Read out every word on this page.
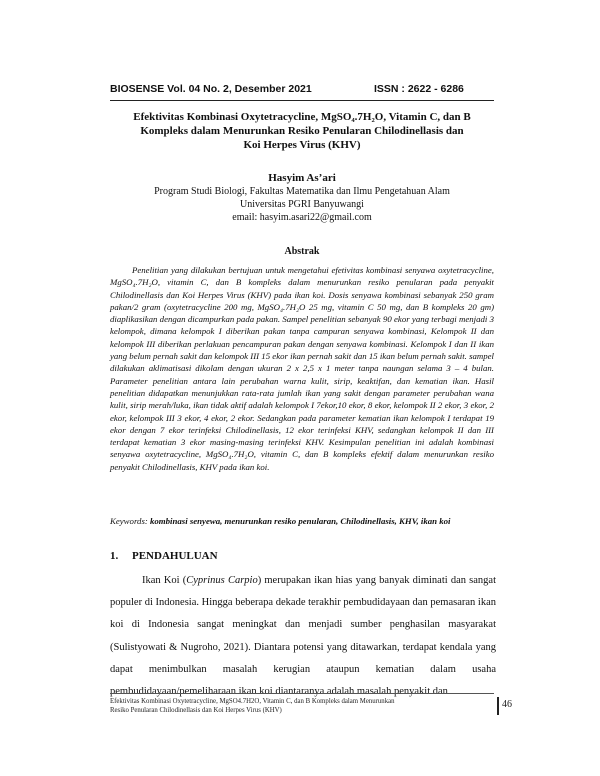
BIOSENSE Vol. 04 No. 2, Desember 2021	ISSN : 2622 - 6286
Efektivitas Kombinasi Oxytetracycline, MgSO₄.7H₂O, Vitamin C, dan B
Kompleks dalam Menurunkan Resiko Penularan Chilodinellasis dan
Koi Herpes Virus (KHV)
Hasyim As’ari
Program Studi Biologi, Fakultas Matematika dan Ilmu Pengetahuan Alam
Universitas PGRI Banyuwangi
email: hasyim.asari22@gmail.com
Abstrak

Penelitian yang dilakukan bertujuan untuk mengetahui efetivitas kombinasi senyawa oxytetracycline, MgSO₄.7H₂O, vitamin C, dan B kompleks dalam menurunkan resiko penularan pada penyakit Chilodinellasis dan Koi Herpes Virus (KHV) pada ikan koi. Dosis senyawa kombinasi sebanyak 250 gram pakan/2 gram (oxytetracycline 200 mg, MgSO₄.7H₂O 25 mg, vitamin C 50 mg, dan B kompleks 20 gm) diaplikasikan dengan dicampurkan pada pakan. Sampel penelitian sebanyak 90 ekor yang terbagi menjadi 3 kelompok, dimana kelompok I diberikan pakan tanpa campuran senyawa kombinasi, Kelompok II dan kelompok III diberikan perlakuan pencampuran pakan dengan senyawa kombinasi. Kelompok I dan II ikan yang belum pernah sakit dan kelompok III 15 ekor ikan pernah sakit dan 15 ikan belum pernah sakit. sampel dilakukan aklimatisasi dikolam dengan ukuran 2 x 2,5 x 1 meter tanpa naungan selama 3 – 4 bulan. Parameter penelitian antara lain perubahan warna kulit, sirip, keaktifan, dan kematian ikan. Hasil penelitian didapatkan menunjukkan rata-rata jumlah ikan yang sakit dengan parameter perubahan wana kulit, sirip merah/luka, ikan tidak aktif adalah kelompok I 7ekor,10 ekor, 8 ekor, kelompok II 2 ekor, 3 ekor, 2 ekor, kelompok III 3 ekor, 4 ekor, 2 ekor. Sedangkan pada parameter kematian ikan kelompok I terdapat 19 ekor dengan 7 ekor terinfeksi Chilodinellasis, 12 ekor terinfeksi KHV, sedangkan kelompok II dan III terdapat kematian 3 ekor masing-masing terinfeksi KHV. Kesimpulan penelitian ini adalah kombinasi senyawa oxytetracycline, MgSO₄.7H₂O, vitamin C, dan B kompleks efektif dalam menurunkan resiko penyakit Chilodinellasis, KHV pada ikan koi.

Keywords: kombinasi senyewa, menurunkan resiko penularan, Chilodinellasis, KHV, ikan koi

1. PENDAHULUAN

Ikan Koi (Cyprinus Carpio) merupakan ikan hias yang banyak diminati dan sangat populer di Indonesia. Hingga beberapa dekade terakhir pembudidayaan dan pemasaran ikan koi di Indonesia sangat meningkat dan menjadi sumber penghasilan masyarakat (Sulistyowati & Nugroho, 2021). Diantara potensi yang ditawarkan, terdapat kendala yang dapat menimbulkan masalah kerugian ataupun kematian dalam usaha pembudidayaan/pemeliharaan ikan koi diantaranya adalah masalah penyakit dan

Efektivitas Kombinasi Oxytetracycline, MgSO4.7H2O, Vitamin C, dan B Kompleks dalam Menurunkan
Resiko Penularan Chilodinellasis dan Koi Herpes Virus (KHV)
46
